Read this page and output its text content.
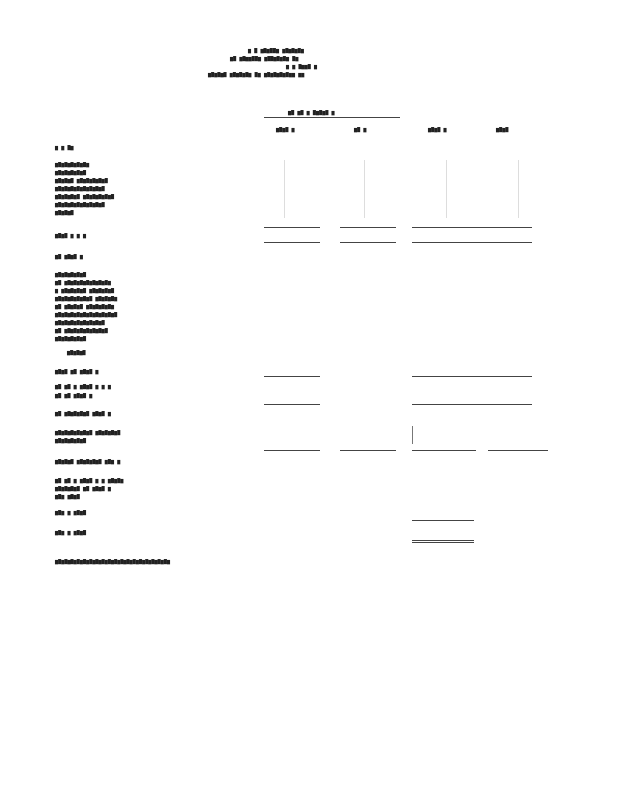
▆ ▇ ▆▇▆▇▇▆ ▆▇▆▇▆▇▆
▆▇ ▆▇▆▆▇▇▆ ▆▇▇▆▇▆▇▆ ▇▆
▆ ▆ ▇▆▆▇ ▆
▆▇▆▇▆▇ ▆▇▆▇▆▇▆ ▇▆ ▆▇▆▇▆▇▆▇▆▆ ▆▆
▆▇ ▆▇ ▆ ▇▆▇▆▇ ▆
▆▇▆▇ ▆	▆▇ ▆	▆▇▆▇ ▆	▆▇▆▇
▆ ▆ ▇▆
▆▇▆▇▆▇▆▇▆▇▆
▆▇▆▇▆▇▆▇▆▇
▆▇▆▇▆▇ ▆▇▆▇▆▇▆▇▆▇
▆▇▆▇▆▇▆▇▆▇▆▇▆▇▆▇
▆▇▆▇▆▇▆▇ ▆▇▆▇▆▇▆▇▆▇
▆▇▆▇▆▇▆▇▆▇▆▇▆▇▆▇
▆▇▆▇▆▇
▆▇▆▇ ▆ ▆ ▆
▆▇ ▆▇▆▇ ▆
▆▇▆▇▆▇▆▇▆▇
▆▇ ▆▇▆▇▆▇▆▇▆▇▆▇▆▇▆
▆ ▆▇▆▇▆▇▆▇ ▆▇▆▇▆▇▆▇
▆▇▆▇▆▇▆▇▆▇▆▇ ▆▇▆▇▆▇▆
▆▇ ▆▇▆▇▆▇ ▆▇▆▇▆▇▆▇▆
▆▇▆▇▆▇▆▇▆▇▆▇▆▇▆▇▆▇▆▇
▆▇▆▇▆▇▆▇▆▇▆▇▆▇▆▇
▆▇ ▆▇▆▇▆▇▆▇▆▇▆▇▆▇
▆▇▆▇▆▇▆▇▆▇
▆▇▆▇▆▇
▆▇▆▇ ▆▇ ▆▇▆▇ ▆
▆▇ ▆▇ ▆ ▆▇▆▇ ▆ ▆ ▆
▆▇ ▆▇ ▆▇▆▇ ▆
▆▇ ▆▇▆▇▆▇▆▇ ▆▇▆▇ ▆
▆▇▆▇▆▇▆▇▆▇▆▇ ▆▇▆▇▆▇▆▇
▆▇▆▇▆▇▆▇▆▇
▆▇▆▇▆▇ ▆▇▆▇▆▇▆▇ ▆▇▆ ▆
▆▇ ▆▇ ▆ ▆▇▆▇ ▆ ▆ ▆▇▆▇▆
▆▇▆▇▆▇▆▇ ▆▇ ▆▇▆▇ ▆
▆▇▆ ▆▇▆▇
▆▇▆ ▆ ▆▇▆▇
▆▇▆ ▆ ▆▇▆▇
▆▇▆▇▆▇▆▇▆▇▆▇▆▇▆▇▆▇▆▇▆▇▆▇▆▇▆▇▆▇▆▇▆▇▆▇▆
